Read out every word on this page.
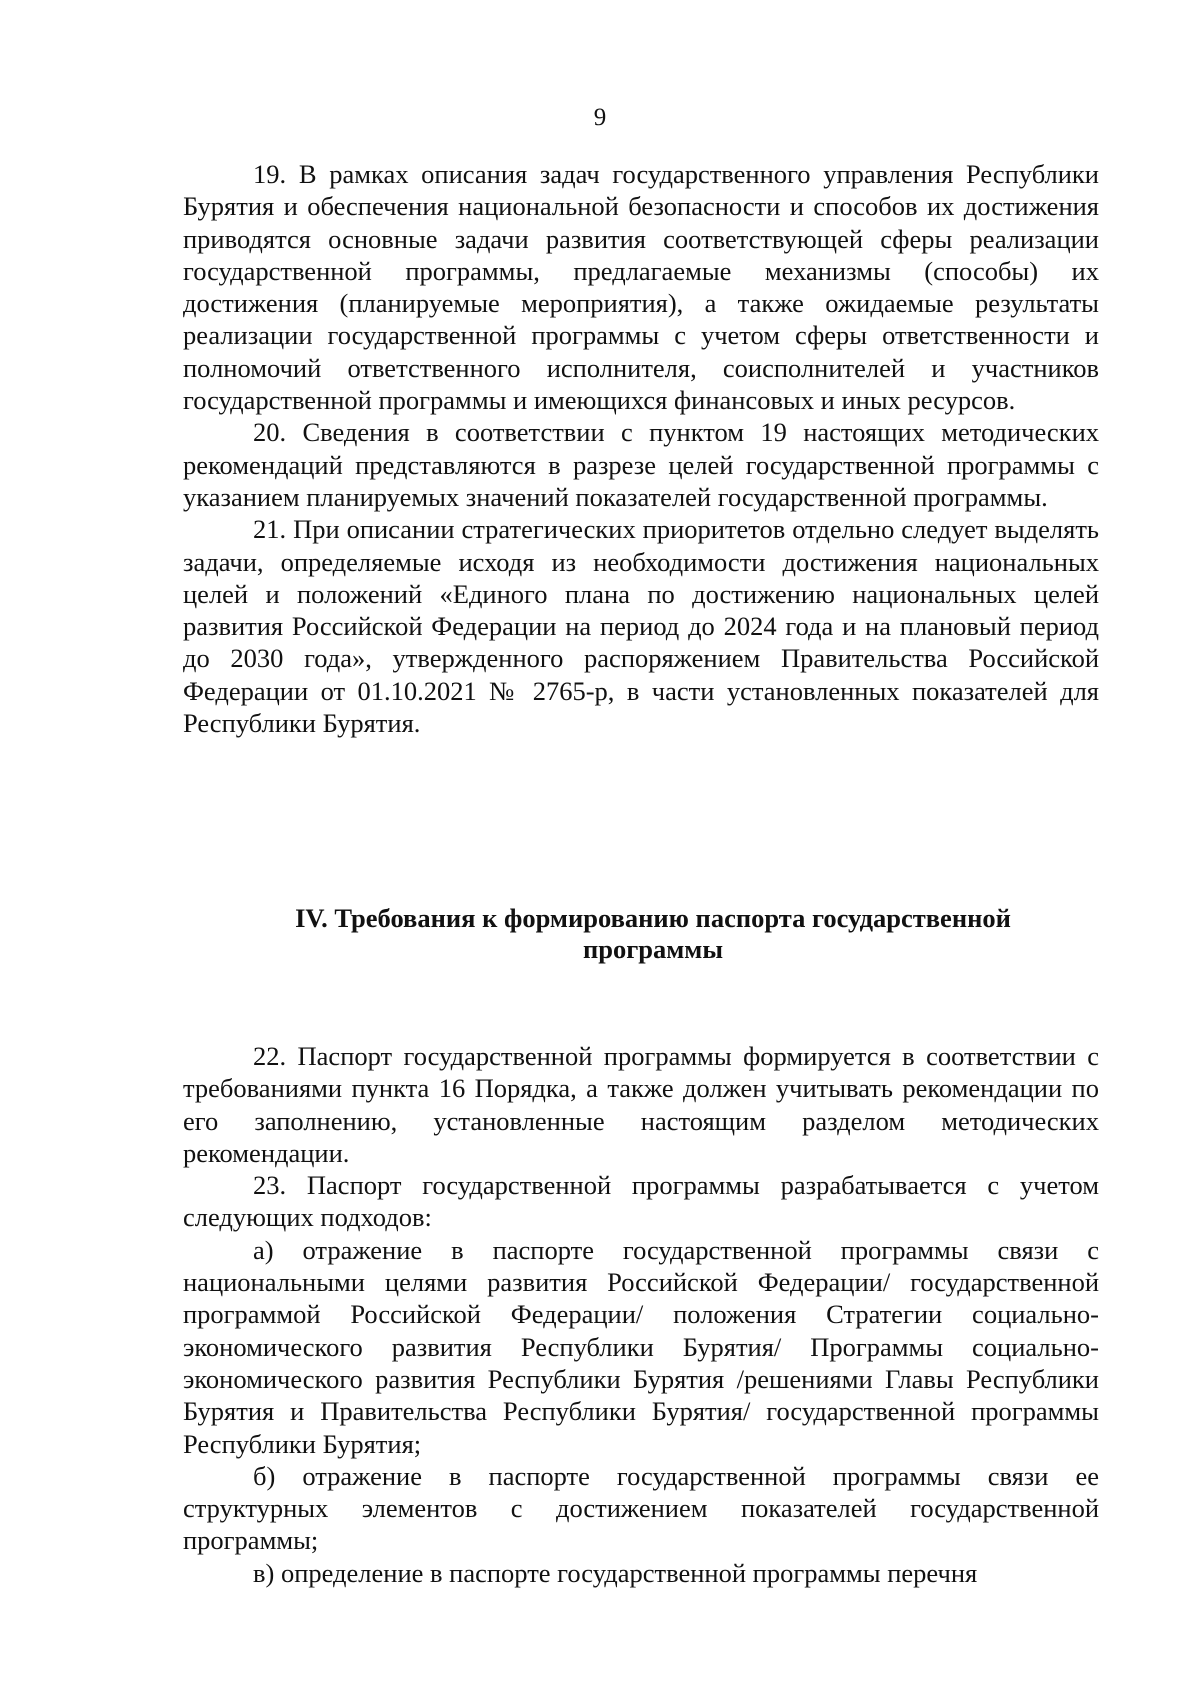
9

19. В рамках описания задач государственного управления Республики Бурятия и обеспечения национальной безопасности и способов их достижения приводятся основные задачи развития соответствующей сферы реализации государственной программы, предлагаемые механизмы (способы) их достижения (планируемые мероприятия), а также ожидаемые результаты реализации государственной программы с учетом сферы ответственности и полномочий ответственного исполнителя, соисполнителей и участников государственной программы и имеющихся финансовых и иных ресурсов.

20. Сведения в соответствии с пунктом 19 настоящих методических рекомендаций представляются в разрезе целей государственной программы с указанием планируемых значений показателей государственной программы.

21. При описании стратегических приоритетов отдельно следует выделять задачи, определяемые исходя из необходимости достижения национальных целей и положений «Единого плана по достижению национальных целей развития Российской Федерации на период до 2024 года и на плановый период до 2030 года», утвержденного распоряжением Правительства Российской Федерации от 01.10.2021 № 2765-р, в части установленных показателей для Республики Бурятия.

IV. Требования к формированию паспорта государственной
программы

22. Паспорт государственной программы формируется в соответствии с требованиями пункта 16 Порядка, а также должен учитывать рекомендации по его заполнению, установленные настоящим разделом методических рекомендации.

23. Паспорт государственной программы разрабатывается с учетом следующих подходов:

а) отражение в паспорте государственной программы связи с национальными целями развития Российской Федерации/ государственной программой Российской Федерации/ положения Стратегии социально-экономического развития Республики Бурятия/ Программы социально-экономического развития Республики Бурятия /решениями Главы Республики Бурятия и Правительства Республики Бурятия/ государственной программы Республики Бурятия;

б) отражение в паспорте государственной программы связи ее структурных элементов с достижением показателей государственной программы;

в) определение в паспорте государственной программы перечня
